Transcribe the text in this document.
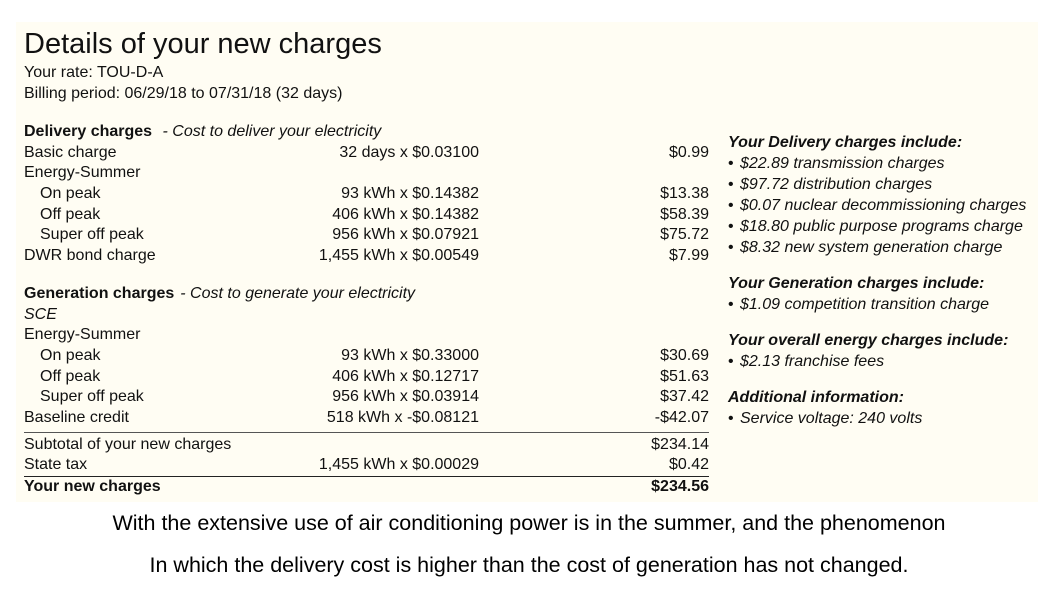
Details of your new charges
Your rate: TOU-D-A
Billing period: 06/29/18 to 07/31/18 (32 days)
Delivery charges - Cost to deliver your electricity
Basic charge	32 days x $0.03100	$0.99
Energy-Summer
On peak	93 kWh x $0.14382	$13.38
Off peak	406 kWh x $0.14382	$58.39
Super off peak	956 kWh x $0.07921	$75.72
DWR bond charge	1,455 kWh x $0.00549	$7.99
Generation charges - Cost to generate your electricity
SCE
Energy-Summer
On peak	93 kWh x $0.33000	$30.69
Off peak	406 kWh x $0.12717	$51.63
Super off peak	956 kWh x $0.03914	$37.42
Baseline credit	518 kWh x -$0.08121	-$42.07
Subtotal of your new charges	$234.14
State tax	1,455 kWh x $0.00029	$0.42
Your new charges	$234.56
Your Delivery charges include:
• $22.89 transmission charges
• $97.72 distribution charges
• $0.07 nuclear decommissioning charges
• $18.80 public purpose programs charge
• $8.32 new system generation charge
Your Generation charges include:
• $1.09 competition transition charge
Your overall energy charges include:
• $2.13 franchise fees
Additional information:
• Service voltage: 240 volts
With the extensive use of air conditioning power is in the summer, and the phenomenon
In which the delivery cost is higher than the cost of generation has not changed.
